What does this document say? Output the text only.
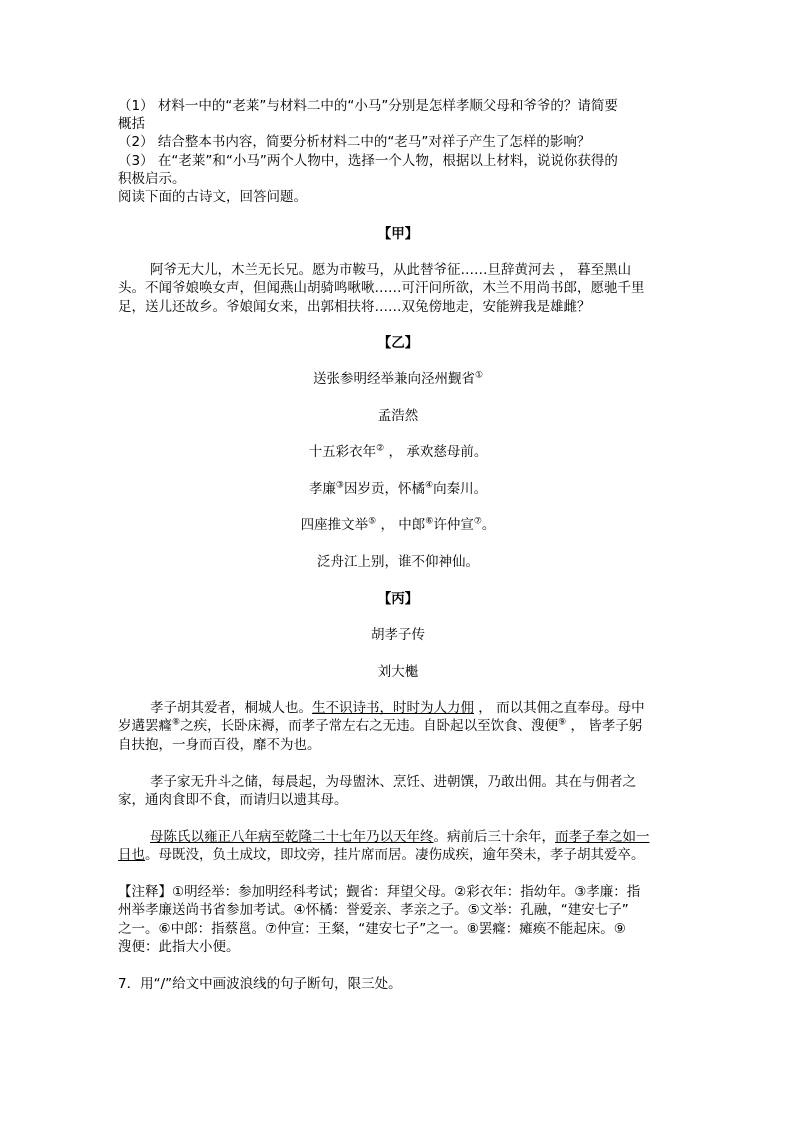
（1） 材料一中的“老莱”与材料二中的“小马”分别是怎样孝顺父母和爷爷的？请简要
概括
（2） 结合整本书内容，简要分析材料二中的“老马”对祥子产生了怎样的影响？
（3） 在“老莱”和“小马”两个人物中，选择一个人物，根据以上材料，说说你获得的
积极启示。
阅读下面的古诗文，回答问题。
【甲】
阿爷无大儿，木兰无长兄。愿为市鞍马，从此替爷征……旦辞黄河去 ， 暮至黑山
头。不闻爷娘唤女声，但闻燕山胡骑鸣啾啾……可汗问所欲，木兰不用尚书郎，愿驰千里
足，送儿还故乡。爷娘闻女来，出郭相扶将……双兔傍地走，安能辨我是雄雌？
【乙】
送张参明经举兼向泾州觐省①
孟浩然
十五彩衣年② ， 承欢慈母前。
孝廉③因岁贡，怀橘④向秦川。
四座推文举⑤ ， 中郎⑥许仲宣⑦。
泛舟江上别，谁不仰神仙。
【丙】
胡孝子传
刘大櫆
孝子胡其爱者，桐城人也。生不识诗书，时时为人力佣 ， 而以其佣之直奉母。母中
岁遘罢癃⑧之疾，长卧床褥，而孝子常左右之无违。自卧起以至饮食、溲便⑨ ， 皆孝子躬
自扶抱，一身而百役，靡不为也。
孝子家无升斗之储，每晨起，为母盥沐、烹饪、进朝馔，乃敢出佣。其在与佣者之
家，通肉食即不食，而请归以遗其母。
母陈氏以雍正八年病至乾隆二十七年乃以天年终。病前后三十余年，而孝子奉之如一
日也。母既没，负土成坟，即坟旁，挂片席而居。凄伤成疾，逾年癸未，孝子胡其爱卒。
【注释】①明经举：参加明经科考试；觐省：拜望父母。②彩衣年：指幼年。③孝廉：指
州举孝廉送尚书省参加考试。④怀橘：誉爱亲、孝亲之子。⑤文举：孔融，“建安七子”
之一。⑥中郎：指蔡邕。⑦仲宣：王粲，“建安七子”之一。⑧罢癃：瘫痪不能起床。⑨
溲便：此指大小便。
7．用“/”给文中画波浪线的句子断句，限三处。
